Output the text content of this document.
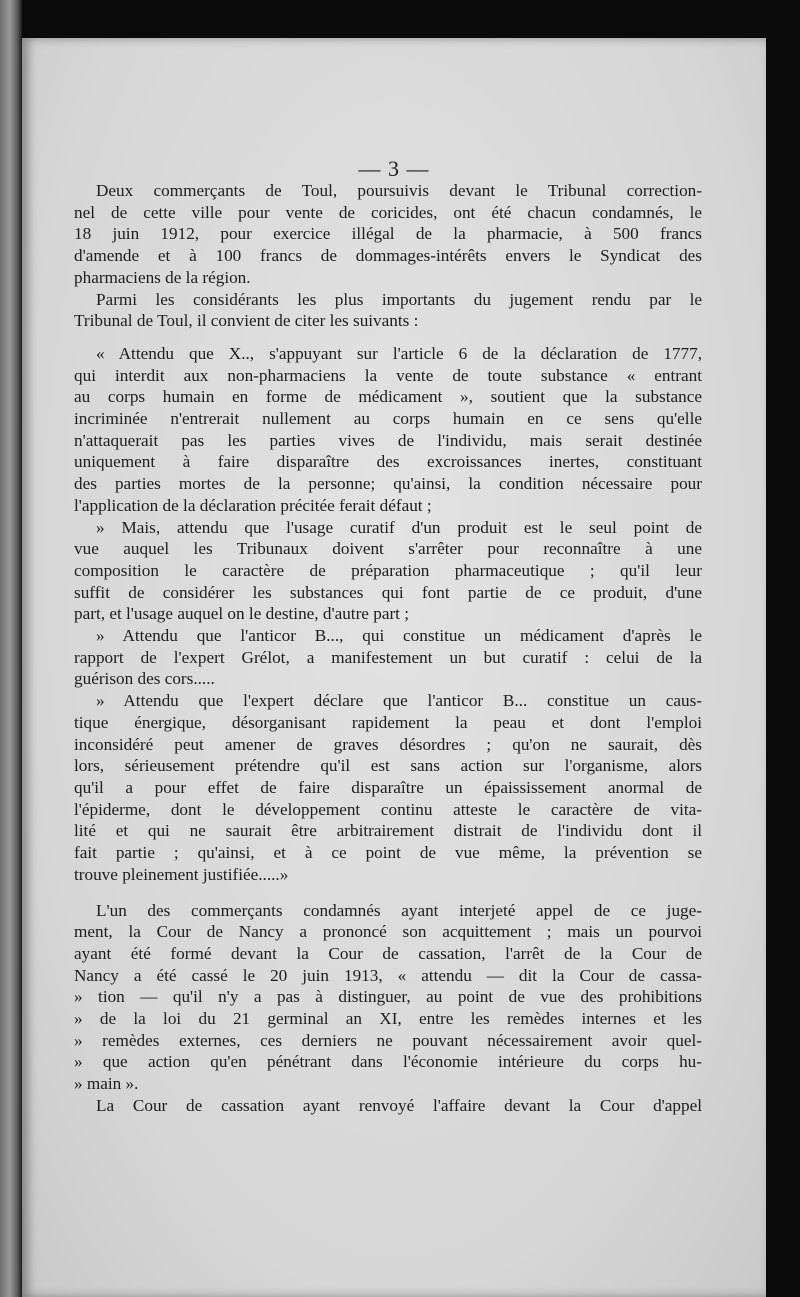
— 3 —

Deux commerçants de Toul, poursuivis devant le Tribunal correction-
nel de cette ville pour vente de coricides, ont été chacun condamnés, le
18 juin 1912, pour exercice illégal de la pharmacie, à 500 francs
d'amende et à 100 francs de dommages-intérêts envers le Syndicat des
pharmaciens de la région.

Parmi les considérants les plus importants du jugement rendu par le
Tribunal de Toul, il convient de citer les suivants :

« Attendu que X.., s'appuyant sur l'article 6 de la déclaration de 1777,
qui interdit aux non-pharmaciens la vente de toute substance « entrant
au corps humain en forme de médicament », soutient que la substance
incriminée n'entrerait nullement au corps humain en ce sens qu'elle
n'attaquerait pas les parties vives de l'individu, mais serait destinée
uniquement à faire disparaître des excroissances inertes, constituant
des parties mortes de la personne; qu'ainsi, la condition nécessaire pour
l'application de la déclaration précitée ferait défaut ;

» Mais, attendu que l'usage curatif d'un produit est le seul point de
vue auquel les Tribunaux doivent s'arrêter pour reconnaître à une
composition le caractère de préparation pharmaceutique ; qu'il leur
suffit de considérer les substances qui font partie de ce produit, d'une
part, et l'usage auquel on le destine, d'autre part ;

» Attendu que l'anticor B..., qui constitue un médicament d'après le
rapport de l'expert Grélot, a manifestement un but curatif : celui de la
guérison des cors.....

» Attendu que l'expert déclare que l'anticor B... constitue un caus-
tique énergique, désorganisant rapidement la peau et dont l'emploi
inconsidéré peut amener de graves désordres ; qu'on ne saurait, dès
lors, sérieusement prétendre qu'il est sans action sur l'organisme, alors
qu'il a pour effet de faire disparaître un épaississement anormal de
l'épiderme, dont le développement continu atteste le caractère de vita-
lité et qui ne saurait être arbitrairement distrait de l'individu dont il
fait partie ; qu'ainsi, et à ce point de vue même, la prévention se
trouve pleinement justifiée.....»

L'un des commerçants condamnés ayant interjeté appel de ce juge-
ment, la Cour de Nancy a prononcé son acquittement ; mais un pourvoi
ayant été formé devant la Cour de cassation, l'arrêt de la Cour de
Nancy a été cassé le 20 juin 1913, « attendu — dit la Cour de cassa-
» tion — qu'il n'y a pas à distinguer, au point de vue des prohibitions
» de la loi du 21 germinal an XI, entre les remèdes internes et les
» remèdes externes, ces derniers ne pouvant nécessairement avoir quel-
» que action qu'en pénétrant dans l'économie intérieure du corps hu-
» main ».

La Cour de cassation ayant renvoyé l'affaire devant la Cour d'appel
